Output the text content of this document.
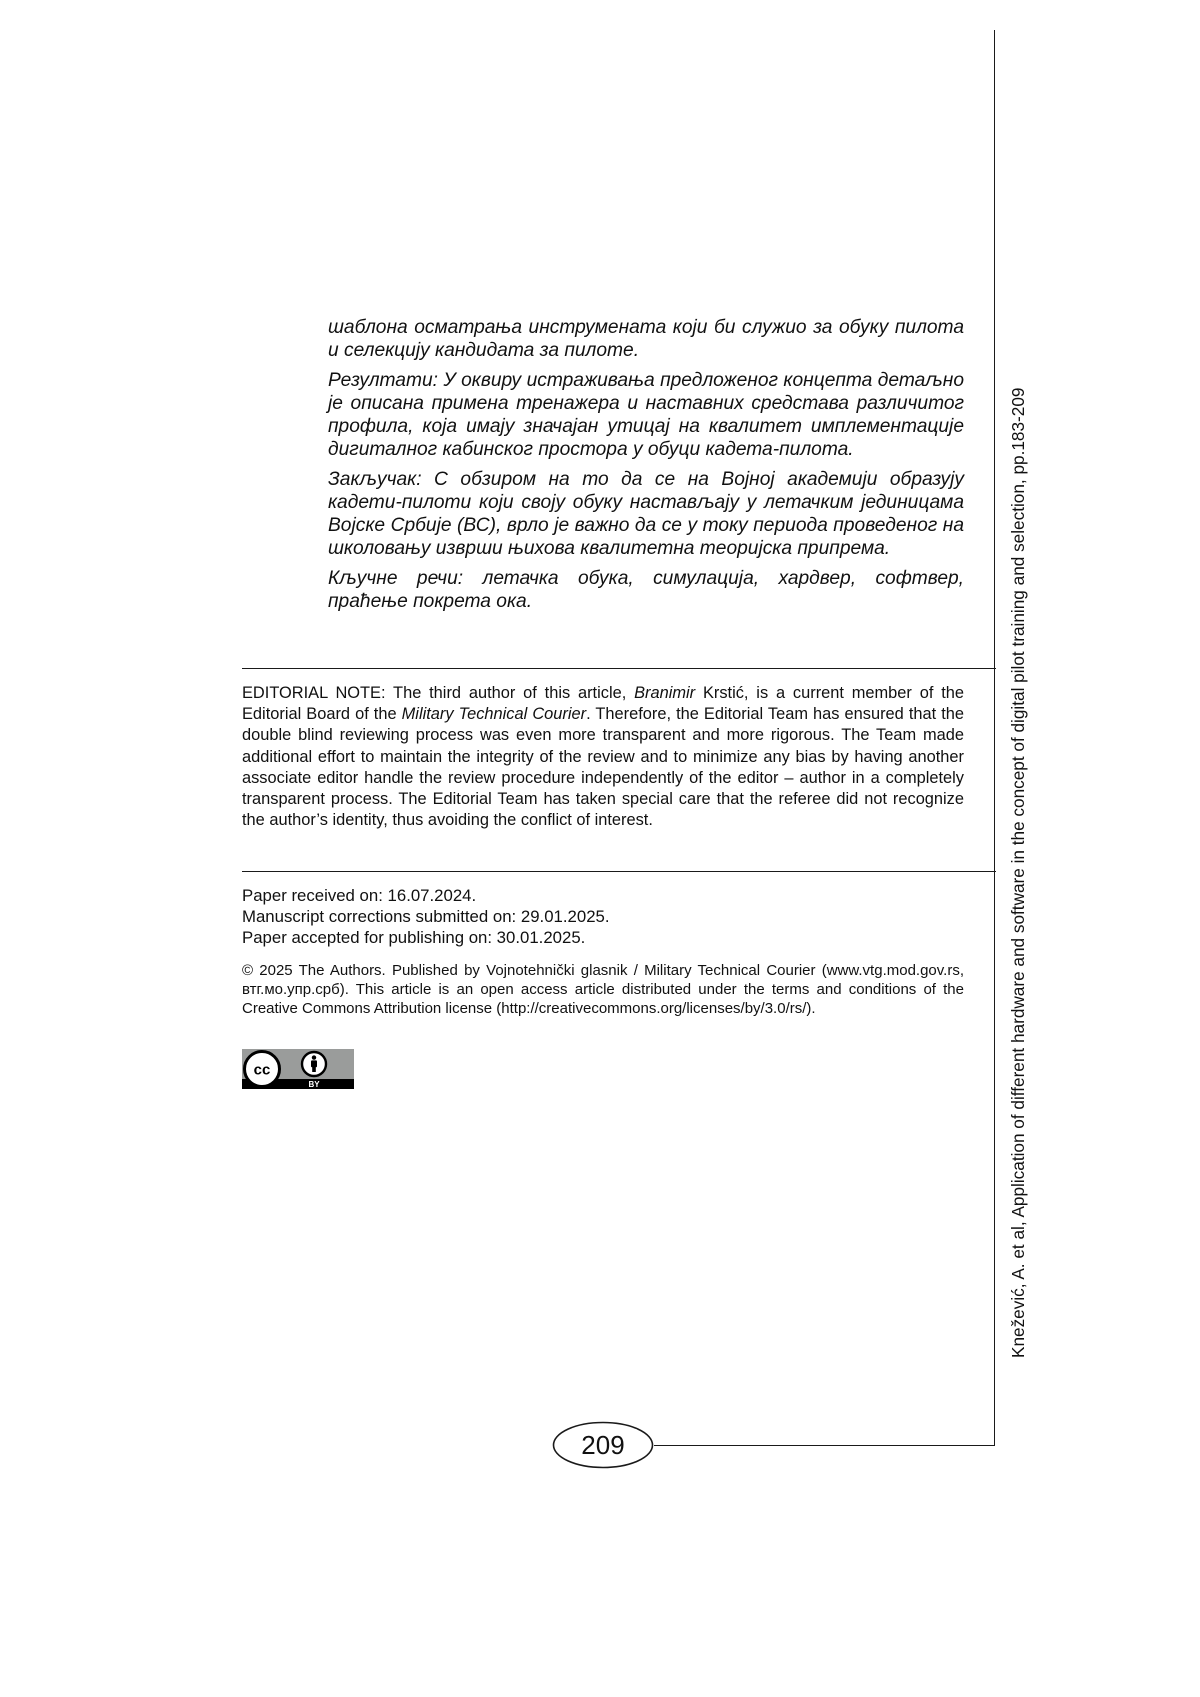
шаблона осматрања инструмената који би служио за обуку пилота и селекцију кандидата за пилоте.

Резултати: У оквиру истраживања предложеног концепта детаљно је описана примена тренажера и наставних средстава различитог профила, која имају значајан утицај на квалитет имплементације дигиталног кабинског простора у обуци кадета-пилота.

Закључак: С обзиром на то да се на Војној академији образују кадети-пилоти који своју обуку настављају у летачким јединицама Војске Србије (ВС), врло је важно да се у току периода проведеног на школовању изврши њихова квалитетна теоријска припрема.

Кључне речи: летачка обука, симулација, хардвер, софтвер, праћење покрета ока.

EDITORIAL NOTE: The third author of this article, Branimir Krstić, is a current member of the Editorial Board of the Military Technical Courier. Therefore, the Editorial Team has ensured that the double blind reviewing process was even more transparent and more rigorous. The Team made additional effort to maintain the integrity of the review and to minimize any bias by having another associate editor handle the review procedure independently of the editor – author in a completely transparent process. The Editorial Team has taken special care that the referee did not recognize the author’s identity, thus avoiding the conflict of interest.

Paper received on: 16.07.2024.
Manuscript corrections submitted on: 29.01.2025.
Paper accepted for publishing on: 30.01.2025.

© 2025 The Authors. Published by Vojnotehnički glasnik / Military Technical Courier (www.vtg.mod.gov.rs, втг.мо.упр.срб). This article is an open access article distributed under the terms and conditions of the Creative Commons Attribution license (http://creativecommons.org/licenses/by/3.0/rs/).

cc
BY	Knežević, A. et al, Application of different hardware and software in the concept of digital pilot training and selection, pp.183-209
209
